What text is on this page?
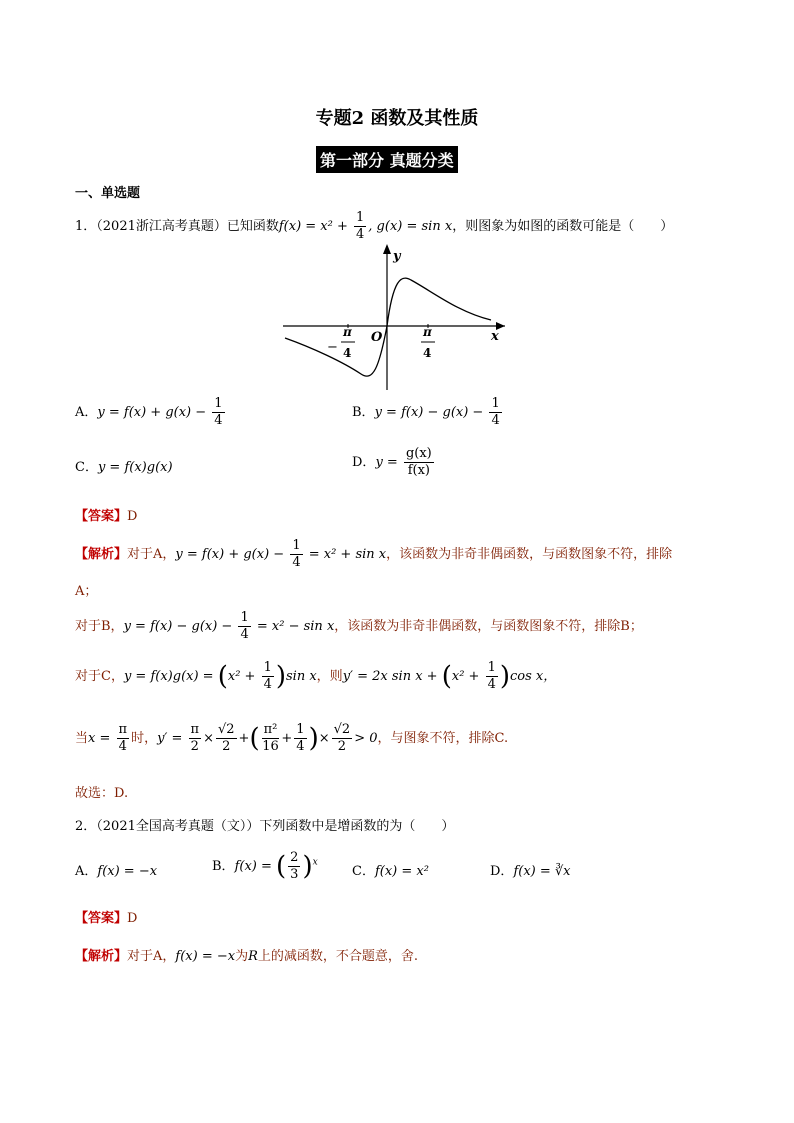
专题2 函数及其性质
第一部分 真题分类
一、单选题
1．（2021浙江高考真题）已知函数$f(x) = x^2 + \frac{1}{4}$ , g(x) = sin x，则图象为如图的函数可能是（　　）
y
x
O
−
π
4
π
4
A．$y = f(x) + g(x) - \frac{1}{4}$	B．$y = f(x) - g(x) - \frac{1}{4}$
C．y = f(x)g(x)	D．$y = \frac{g(x)}{f(x)}$
【答案】D
【解析】对于A，$y = f(x) + g(x) - \frac{1}{4} = x^2 + \sin x$，该函数为非奇非偶函数，与函数图象不符，排除
A；
对于B，$y = f(x) - g(x) - \frac{1}{4} = x^2 - \sin x$，该函数为非奇非偶函数，与函数图象不符，排除B；
对于C，$y = f(x)g(x) = (x^2 + \frac{1}{4} )\sin$ x，则y′ = 2x $\sin x + (x^2 + \frac{1}{4} )\cos$ x，
当$x = \frac{\pi}{4}$ 时，$y' = \frac{\pi}{2} \times \frac{√2}{2}$ +( $\frac{\text{π²}}{16} + \frac{1}{4}$ )× $\frac{√2}{2} > 0$，与图象不符，排除C.
故选：D.
2．（2021全国高考真题（文））下列函数中是增函数的为（　　）
A．f(x) = −x	B．f(x) = ( $\frac{2}{3} )^x$
C．f(x) = x²	D．f(x) = ∛x
【答案】D
【解析】对于A，f(x) = −x为R上的减函数，不合题意，舍.
